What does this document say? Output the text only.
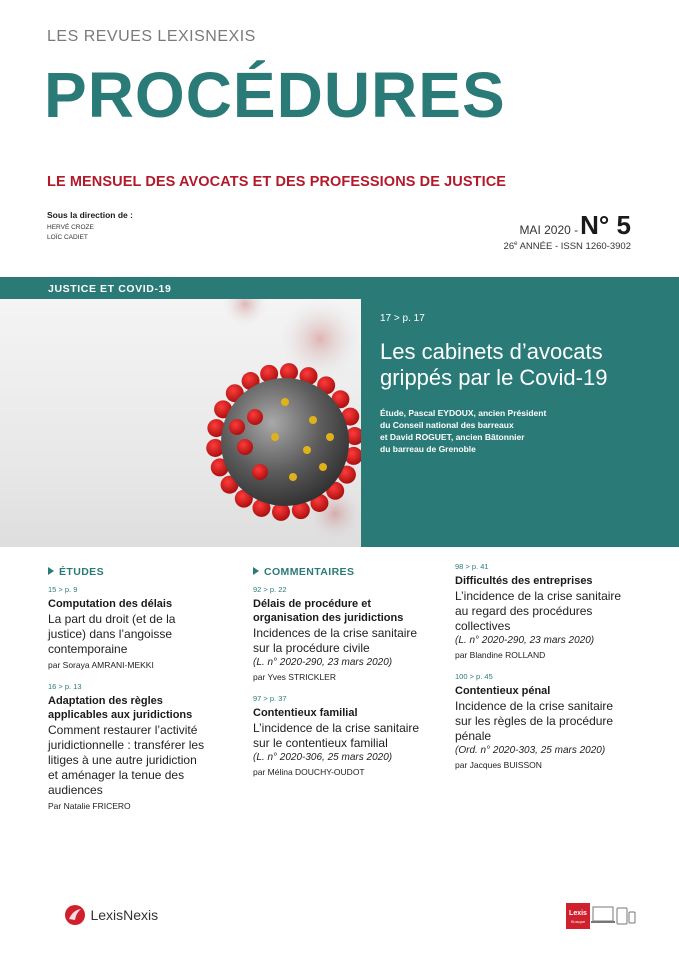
LES REVUES LEXISNEXIS
PROCÉDURES
LE MENSUEL DES AVOCATS ET DES PROFESSIONS DE JUSTICE
Sous la direction de :
HERVÉ CROZE
LOÏC CADIET
MAI 2020 -N° 5
26e ANNÉE - ISSN 1260-3902
JUSTICE ET COVID-19
17 > p. 17
Les cabinets d’avocats grippés par le Covid-19
Étude, Pascal EYDOUX, ancien Président
du Conseil national des barreaux
et David ROGUET, ancien Bâtonnier
du barreau de Grenoble
ÉTUDES
15 > p. 9
Computation des délais
La part du droit (et de la
justice) dans l’angoisse
contemporaine
par Soraya AMRANI-MEKKI
16 > p. 13
Adaptation des règles
applicables aux juridictions
Comment restaurer l’activité
juridictionnelle : transférer les
litiges à une autre juridiction
et aménager la tenue des
audiences
Par Natalie FRICERO
COMMENTAIRES
92 > p. 22
Délais de procédure et
organisation des juridictions
Incidences de la crise sanitaire
sur la procédure civile
(L. n° 2020-290, 23 mars 2020)
par Yves STRICKLER
97 > p. 37
Contentieux familial
L’incidence de la crise sanitaire
sur le contentieux familial
(L. n° 2020-306, 25 mars 2020)
par Mélina DOUCHY-OUDOT
98 > p. 41
Difficultés des entreprises
L’incidence de la crise sanitaire
au regard des procédures
collectives
(L. n° 2020-290, 23 mars 2020)
par Blandine ROLLAND
100 > p. 45
Contentieux pénal
Incidence de la crise sanitaire
sur les règles de la procédure
pénale
(Ord. n° 2020-303, 25 mars 2020)
par Jacques BUISSON
LexisNexis	Lexis
Kiosque
